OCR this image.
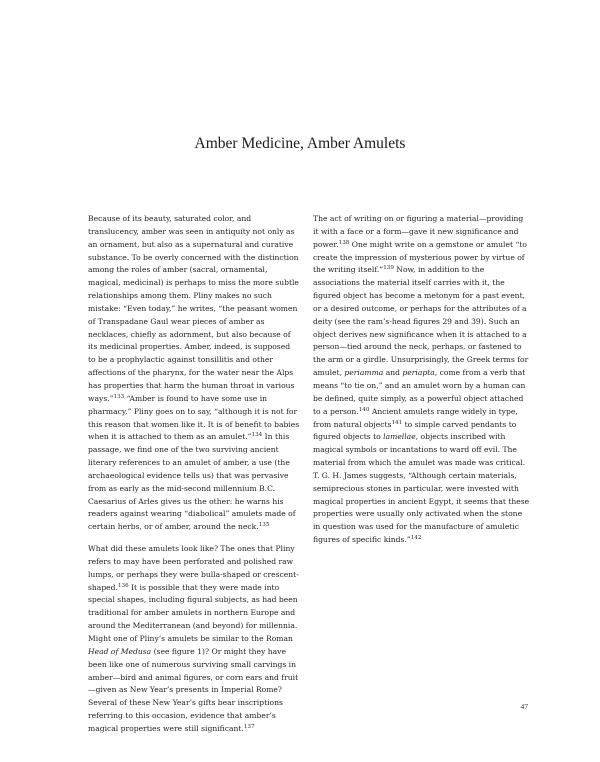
Amber Medicine, Amber Amulets

Because of its beauty, saturated color, and translucency, amber was seen in antiquity not only as an ornament, but also as a supernatural and curative substance. To be overly concerned with the distinction among the roles of amber (sacral, ornamental, magical, medicinal) is perhaps to miss the more subtle relationships among them. Pliny makes no such mistake: “Even today,” he writes, “the peasant women of Transpadane Gaul wear pieces of amber as necklaces, chiefly as adornment, but also because of its medicinal properties. Amber, indeed, is supposed to be a prophylactic against tonsillitis and other affections of the pharynx, for the water near the Alps has properties that harm the human throat in various ways.”$^{133}$ “Amber is found to have some use in pharmacy,” Pliny goes on to say, “although it is not for this reason that women like it. It is of benefit to babies when it is attached to them as an amulet.”$^{134}$ In this passage, we find one of the two surviving ancient literary references to an amulet of amber, a use (the archaeological evidence tells us) that was pervasive from as early as the mid-second millennium B.C. Caesarius of Arles gives us the other: he warns his readers against wearing “diabolical” amulets made of certain herbs, or of amber, around the neck.$^{135}$

What did these amulets look like? The ones that Pliny refers to may have been perforated and polished raw lumps, or perhaps they were bulla-shaped or crescent-shaped.$^{136}$ It is possible that they were made into special shapes, including figural subjects, as had been traditional for amber amulets in northern Europe and around the Mediterranean (and beyond) for millennia. Might one of Pliny’s amulets be similar to the Roman Head of Medusa (see figure 1)? Or might they have been like one of numerous surviving small carvings in amber—bird and animal figures, or corn ears and fruit—given as New Year’s presents in Imperial Rome? Several of these New Year’s gifts bear inscriptions referring to this occasion, evidence that amber’s magical properties were still significant.$^{137}$

The act of writing on or figuring a material—providing it with a face or a form—gave it new significance and power.$^{138}$ One might write on a gemstone or amulet “to create the impression of mysterious power by virtue of the writing itself.”$^{139}$ Now, in addition to the associations the material itself carries with it, the figured object has become a metonym for a past event, or a desired outcome, or perhaps for the attributes of a deity (see the ram’s-head figures 29 and 39). Such an object derives new significance when it is attached to a person—tied around the neck, perhaps, or fastened to the arm or a girdle. Unsurprisingly, the Greek terms for amulet, periamma and periapta, come from a verb that means “to tie on,” and an amulet worn by a human can be defined, quite simply, as a powerful object attached to a person.$^{140}$ Ancient amulets range widely in type, from natural objects$^{141}$ to simple carved pendants to figured objects to lamellae, objects inscribed with magical symbols or incantations to ward off evil. The material from which the amulet was made was critical. T. G. H. James suggests, “Although certain materials, semiprecious stones in particular, were invested with magical properties in ancient Egypt, it seems that these properties were usually only activated when the stone in question was used for the manufacture of amuletic figures of specific kinds.”$^{142}$

47
